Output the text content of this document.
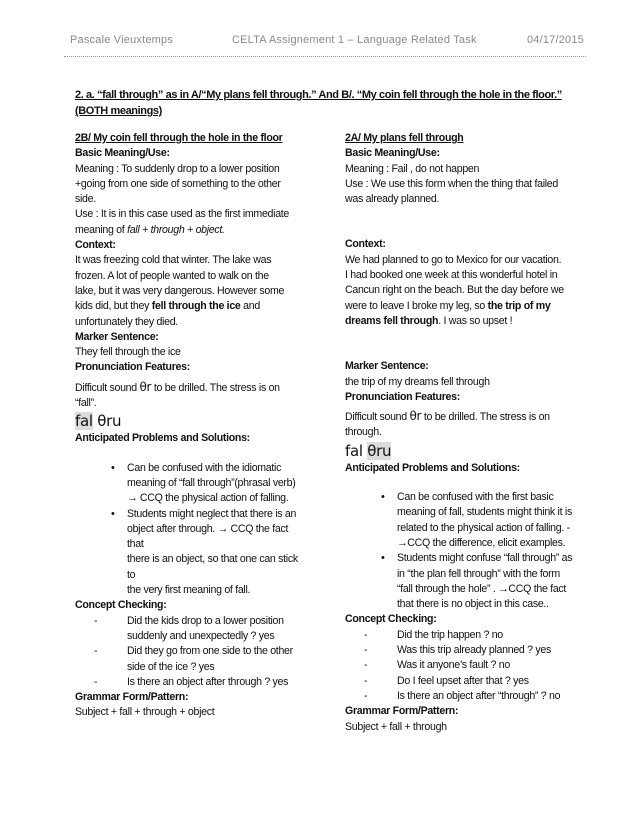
Pascale Vieuxtemps	CELTA Assignement 1 – Language Related Task	04/17/2015
2. a. “fall through” as in A/“My plans fell through.” And B/. “My coin fell through the hole in the floor.” (BOTH meanings)

2B/ My coin fell through the hole in the floor

Basic Meaning/Use:

Meaning : To suddenly drop to a lower position

+going from one side of something to the other

side.

Use : It is in this case used as the first immediate

meaning of fall + through + object.

Context:

It was freezing cold that winter. The lake was

frozen. A lot of people wanted to walk on the

lake, but it was very dangerous. However some

kids did, but they fell through the ice and

unfortunately they died.

Marker Sentence:

They fell through the ice

Pronunciation Features:

Difficult sound θr to be drilled. The stress is on

“fall”.

fal θru

Anticipated Problems and Solutions:

• Can be confused with the idiomatic
meaning of “fall through”(phrasal verb)
→ CCQ the physical action of falling.
• Students might neglect that there is an
object after through. → CCQ the fact that
there is an object, so that one can stick to
the very first meaning of fall.

Concept Checking:

- Did the kids drop to a lower position
suddenly and unexpectedly ? yes
- Did they go from one side to the other
side of the ice ? yes
- Is there an object after through ? yes

Grammar Form/Pattern:

Subject + fall + through + object

2A/ My plans fell through

Basic Meaning/Use:

Meaning : Fail , do not happen

Use : We use this form when the thing that failed

was already planned.

Context:

We had planned to go to Mexico for our vacation.

I had booked one week at this wonderful hotel in

Cancun right on the beach. But the day before we

were to leave I broke my leg, so the trip of my

dreams fell through. I was so upset !

Marker Sentence:

the trip of my dreams fell through

Pronunciation Features:

Difficult sound θr to be drilled. The stress is on

through.

fal θru

Anticipated Problems and Solutions:

• Can be confused with the first basic
meaning of fall, students might think it is
related to the physical action of falling. -
→CCQ the difference, elicit examples.
• Students might confuse “fall through” as
in “the plan fell through” with the form
“fall through the hole” . →CCQ the fact
that there is no object in this case..

Concept Checking:

- Did the trip happen ? no
- Was this trip already planned ? yes
- Was it anyone’s fault ? no
- Do I feel upset after that ? yes
- Is there an object after “through” ? no

Grammar Form/Pattern:

Subject + fall + through
